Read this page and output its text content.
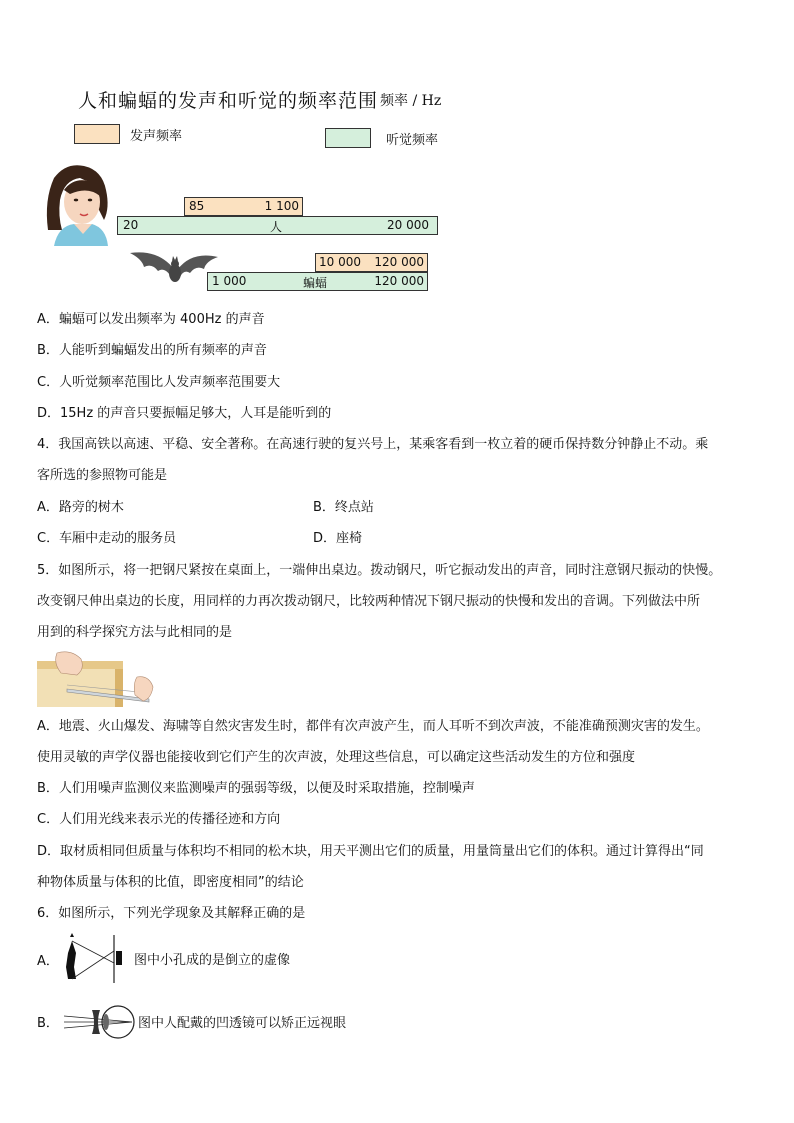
人和蝙蝠的发声和听觉的频率范围 频率 / Hz
发声频率	听觉频率
85	1 100
20	人	20 000
10 000 120 000
1 000	蝙蝠	120 000
A．蝙蝠可以发出频率为 400Hz 的声音
B．人能听到蝙蝠发出的所有频率的声音
C．人听觉频率范围比人发声频率范围要大
D．15Hz 的声音只要振幅足够大，人耳是能听到的
4．我国高铁以高速、平稳、安全著称。在高速行驶的复兴号上，某乘客看到一枚立着的硬币保持数分钟静止不动。乘
客所选的参照物可能是
A．路旁的树木	B．终点站
C．车厢中走动的服务员	D．座椅
5．如图所示，将一把钢尺紧按在桌面上，一端伸出桌边。拨动钢尺，听它振动发出的声音，同时注意钢尺振动的快慢。
改变钢尺伸出桌边的长度，用同样的力再次拨动钢尺，比较两种情况下钢尺振动的快慢和发出的音调。下列做法中所
用到的科学探究方法与此相同的是
A．地震、火山爆发、海啸等自然灾害发生时，都伴有次声波产生，而人耳听不到次声波，不能准确预测灾害的发生。
使用灵敏的声学仪器也能接收到它们产生的次声波，处理这些信息，可以确定这些活动发生的方位和强度
B．人们用噪声监测仪来监测噪声的强弱等级，以便及时采取措施，控制噪声
C．人们用光线来表示光的传播径迹和方向
D．取材质相同但质量与体积均不相同的松木块，用天平测出它们的质量，用量筒量出它们的体积。通过计算得出“同
种物体质量与体积的比值，即密度相同”的结论
6．如图所示，下列光学现象及其解释正确的是
A．	图中小孔成的是倒立的虚像
B．	图中人配戴的凹透镜可以矫正远视眼
